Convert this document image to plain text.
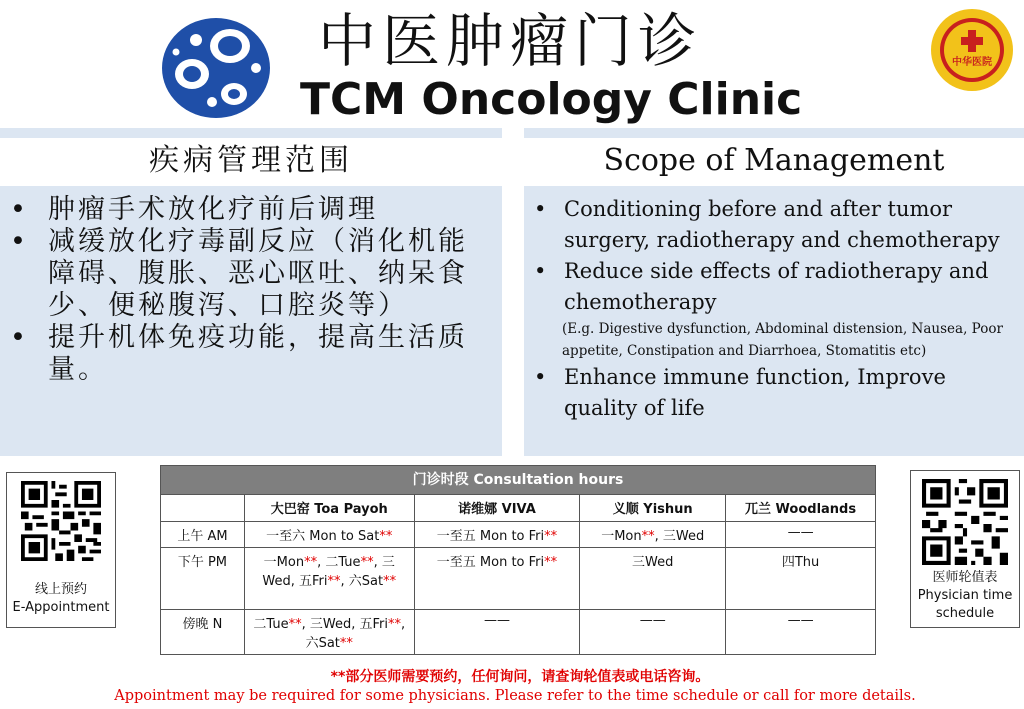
中医肿瘤门诊
TCM Oncology Clinic
中华医院
疾病管理范围	Scope of Management
• 肿瘤手术放化疗前后调理
• 减缓放化疗毒副反应（消化机能障碍、腹胀、恶心呕吐、纳呆食少、便秘腹泻、口腔炎等）
• 提升机体免疫功能，提高生活质量。
• Conditioning before and after tumor surgery, radiotherapy and chemotherapy
• Reduce side effects of radiotherapy and chemotherapy
(E.g. Digestive dysfunction, Abdominal distension, Nausea, Poor appetite, Constipation and Diarrhoea, Stomatitis etc)
• Enhance immune function, Improve quality of life
线上预约
E-Appointment
医师轮值表
Physician time schedule
门诊时段 Consultation hours				
	大巴窑 Toa Payoh	诺维娜 VIVA	义顺 Yishun	兀兰 Woodlands
上午 AM	一至六 Mon to Sat**	一至五 Mon to Fri**	一Mon**, 三Wed	——
下午 PM	一Mon**, 二Tue**, 三Wed, 五Fri**, 六Sat**	一至五 Mon to Fri**	三Wed	四Thu
傍晚 N	二Tue**, 三Wed, 五Fri**, 六Sat**	——	——	——
**部分医师需要预约，任何询问，请查询轮值表或电话咨询。
Appointment may be required for some physicians. Please refer to the time schedule or call for more details.
